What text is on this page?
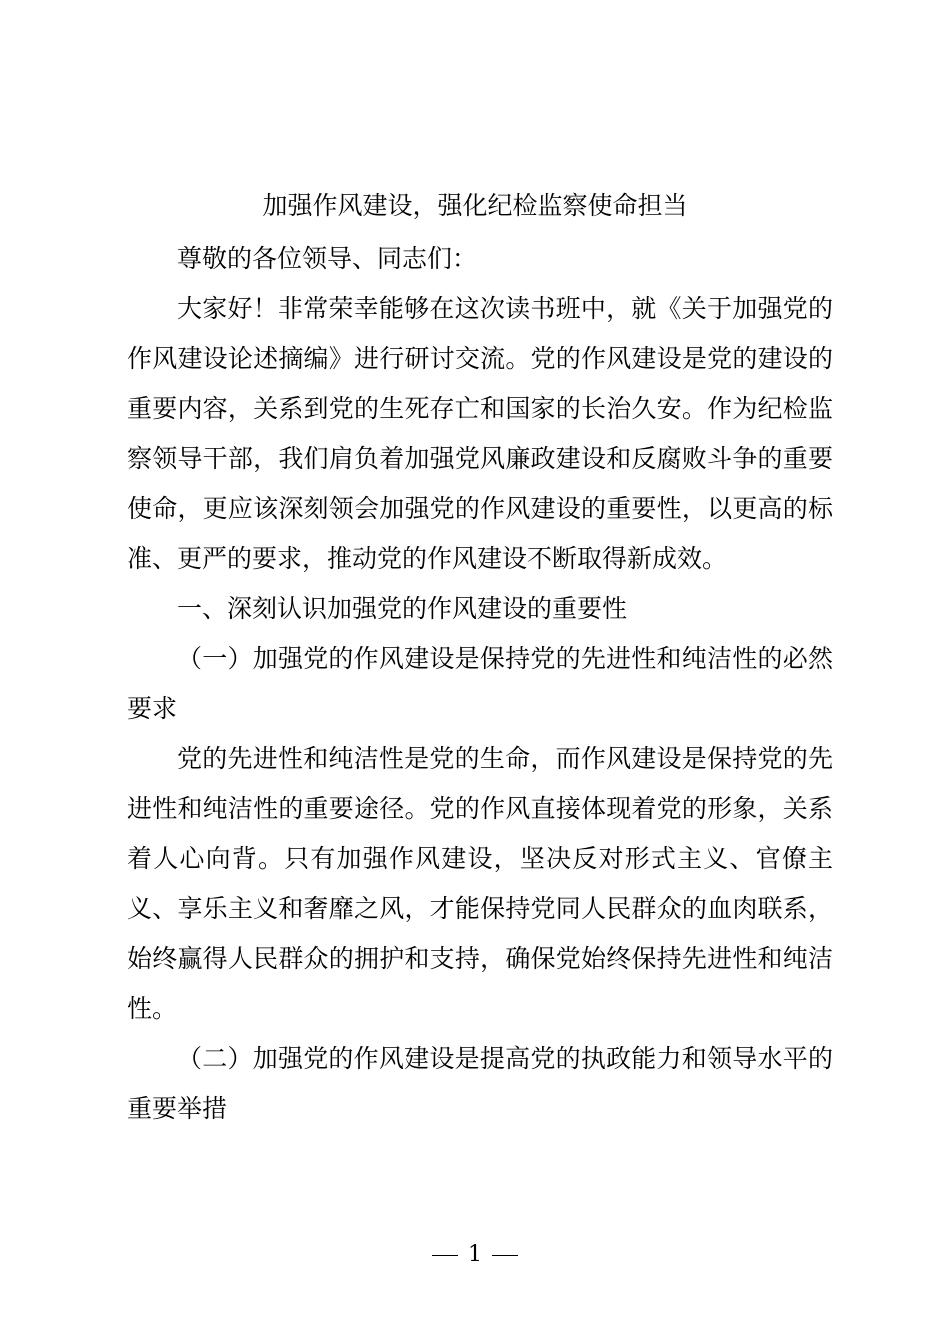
加强作风建设，强化纪检监察使命担当

尊敬的各位领导、同志们：

大家好！非常荣幸能够在这次读书班中，就《关于加强党的作风建设论述摘编》进行研讨交流。党的作风建设是党的建设的重要内容，关系到党的生死存亡和国家的长治久安。作为纪检监察领导干部，我们肩负着加强党风廉政建设和反腐败斗争的重要使命，更应该深刻领会加强党的作风建设的重要性，以更高的标准、更严的要求，推动党的作风建设不断取得新成效。

一、深刻认识加强党的作风建设的重要性

（一）加强党的作风建设是保持党的先进性和纯洁性的必然要求

党的先进性和纯洁性是党的生命，而作风建设是保持党的先进性和纯洁性的重要途径。党的作风直接体现着党的形象，关系着人心向背。只有加强作风建设，坚决反对形式主义、官僚主义、享乐主义和奢靡之风，才能保持党同人民群众的血肉联系，始终赢得人民群众的拥护和支持，确保党始终保持先进性和纯洁性。

（二）加强党的作风建设是提高党的执政能力和领导水平的重要举措

1
